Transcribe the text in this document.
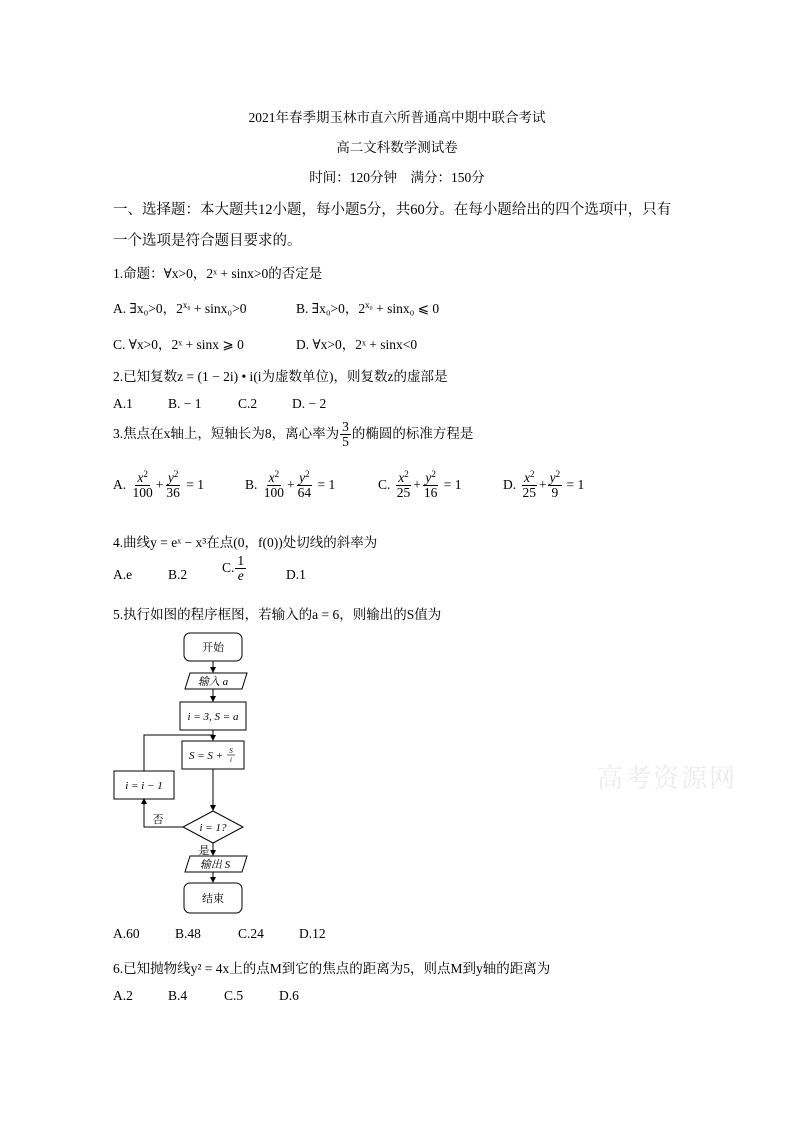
2021年春季期玉林市直六所普通高中期中联合考试
高二文科数学测试卷
时间：120分钟　满分：150分
一、选择题：本大题共12小题，每小题5分，共60分。在每小题给出的四个选项中，只有
一个选项是符合题目要求的。
1.命题：∀x>0，2ˣ + sinx>0的否定是
A. ∃x₀>0，$2^{x_0} + \sin x_0>0$	B. ∃x₀>0，$2^{x_0} + \sin x_0$ ⩽ 0
C. ∀x>0，2ˣ + sinx ⩾ 0	D. ∀x>0，2ˣ + sinx<0
2.已知复数z = (1 − 2i) • i(i为虚数单位)，则复数z的虚部是
A.1	B. − 1	C.2	D. − 2
3.焦点在x轴上，短轴长为8，离心率为 $\frac{3}{5}$ 的椭圆的标准方程是
A. $\frac{x^2}{100} + \frac{y^2}{36} = 1$	B. $\frac{x^2}{100} + \frac{y^2}{64} = 1$	C. $\frac{x^2}{25} + \frac{y^2}{16} = 1$	D. $\frac{x^2}{25} + \frac{y^2}{9} = 1$
4.曲线y = eˣ − x³在点(0，f(0))处切线的斜率为
A.e	B.2	C. $\frac{1}{e}$	D.1
5.执行如图的程序框图，若输入的a = 6，则输出的S值为
开始
输入 a
i = 3, S = a
S = S + S
i
i = i − 1
i = 1?
否
是
输出 S
结束
高考资源网
A.60	B.48	C.24	D.12
6.已知抛物线y² = 4x上的点M到它的焦点的距离为5，则点M到y轴的距离为
A.2	B.4	C.5	D.6
